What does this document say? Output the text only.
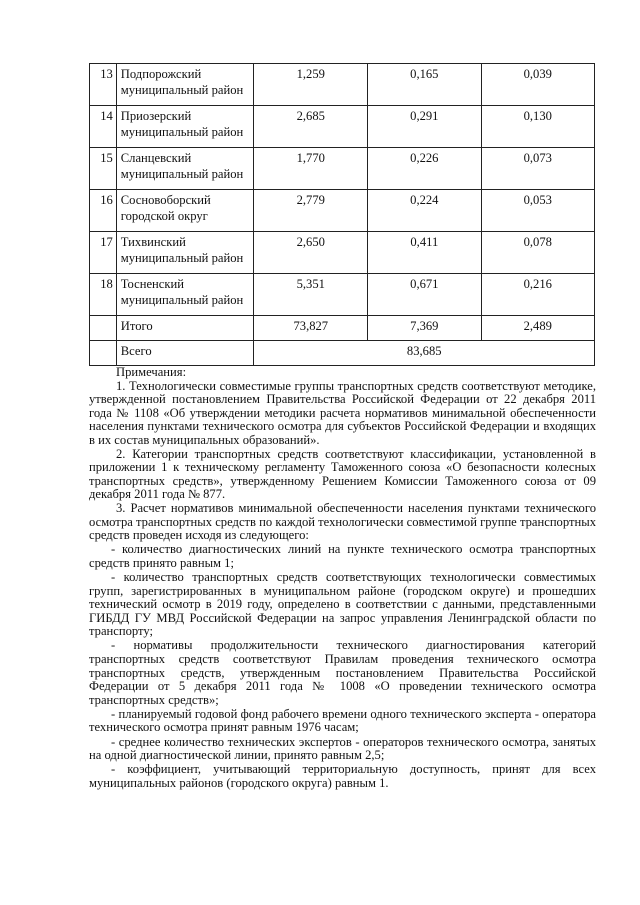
13	Подпорожский муниципальный район	1,259	0,165	0,039
14	Приозерский муниципальный район	2,685	0,291	0,130
15	Сланцевский муниципальный район	1,770	0,226	0,073
16	Сосновоборский городской округ	2,779	0,224	0,053
17	Тихвинский муниципальный район	2,650	0,411	0,078
18	Тосненский муниципальный район	5,351	0,671	0,216
	Итого	73,827	7,369	2,489
	Всего	83,685		

Примечания:

1. Технологически совместимые группы транспортных средств соответствуют методике, утвержденной постановлением Правительства Российской Федерации от 22 декабря 2011 года № 1108 «Об утверждении методики расчета нормативов минимальной обеспеченности населения пунктами технического осмотра для субъектов Российской Федерации и входящих в их состав муниципальных образований».

2. Категории транспортных средств соответствуют классификации, установленной в приложении 1 к техническому регламенту Таможенного союза «О безопасности колесных транспортных средств», утвержденному Решением Комиссии Таможенного союза от 09 декабря 2011 года № 877.

3. Расчет нормативов минимальной обеспеченности населения пунктами технического осмотра транспортных средств по каждой технологически совместимой группе транспортных средств проведен исходя из следующего:

- количество диагностических линий на пункте технического осмотра транспортных средств принято равным 1;

- количество транспортных средств соответствующих технологически совместимых групп, зарегистрированных в муниципальном районе (городском округе) и прошедших технический осмотр в 2019 году, определено в соответствии с данными, представленными ГИБДД ГУ МВД Российской Федерации на запрос управления Ленинградской области по транспорту;

- нормативы продолжительности технического диагностирования категорий транспортных средств соответствуют Правилам проведения технического осмотра транспортных средств, утвержденным постановлением Правительства Российской Федерации от 5 декабря 2011 года № 1008 «О проведении технического осмотра транспортных средств»;

- планируемый годовой фонд рабочего времени одного технического эксперта - оператора технического осмотра принят равным 1976 часам;

- среднее количество технических экспертов - операторов технического осмотра, занятых на одной диагностической линии, принято равным 2,5;

- коэффициент, учитывающий территориальную доступность, принят для всех муниципальных районов (городского округа) равным 1.
